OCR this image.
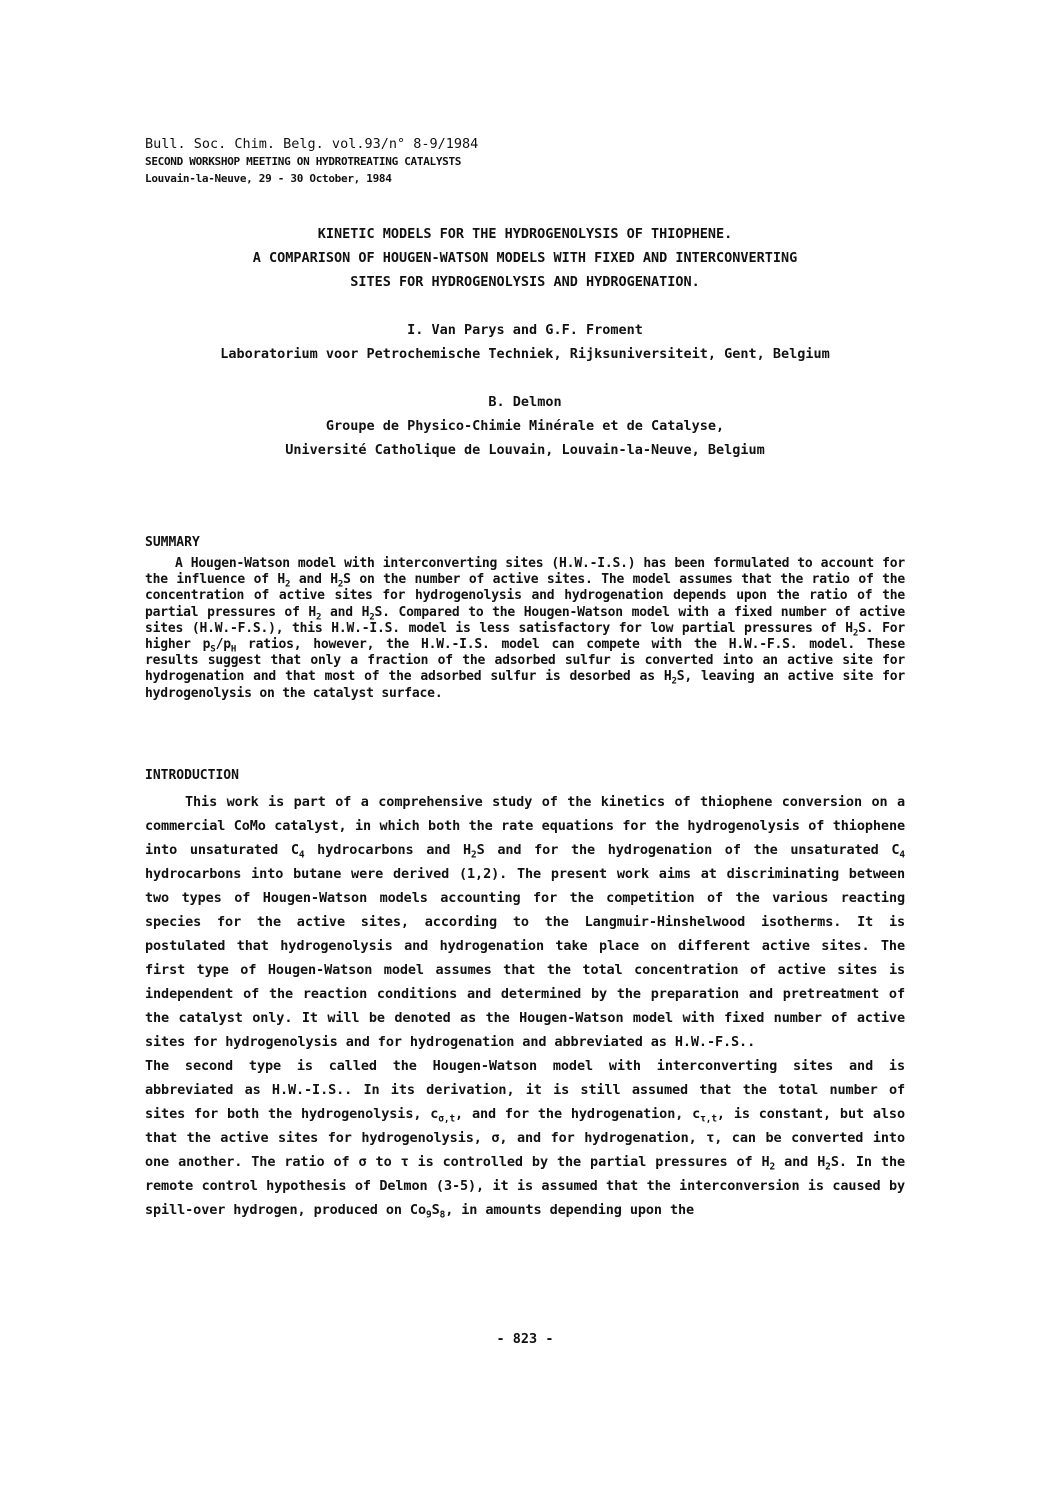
Bull. Soc. Chim. Belg. vol.93/n° 8-9/1984
SECOND WORKSHOP MEETING ON HYDROTREATING CATALYSTS
Louvain-la-Neuve, 29 - 30 October, 1984
KINETIC MODELS FOR THE HYDROGENOLYSIS OF THIOPHENE.
A COMPARISON OF HOUGEN-WATSON MODELS WITH FIXED AND INTERCONVERTING
SITES FOR HYDROGENOLYSIS AND HYDROGENATION.
I. Van Parys and G.F. Froment
Laboratorium voor Petrochemische Techniek, Rijksuniversiteit, Gent, Belgium
B. Delmon
Groupe de Physico-Chimie Minérale et de Catalyse,
Université Catholique de Louvain, Louvain-la-Neuve, Belgium
SUMMARY

A Hougen-Watson model with interconverting sites (H.W.-I.S.) has been formulated to account for the influence of $H_2$ and $H_2S$ on the number of active sites. The model assumes that the ratio of the concentration of active sites for hydrogenolysis and hydrogenation depends upon the ratio of the partial pressures of $H_2$ and $H_2S$. Compared to the Hougen-Watson model with a fixed number of active sites (H.W.-F.S.), this H.W.-I.S. model is less satisfactory for low partial pressures of $H_2S$. For higher $p_S/p_H$ ratios, however, the H.W.-I.S. model can compete with the H.W.-F.S. model. These results suggest that only a fraction of the adsorbed sulfur is converted into an active site for hydrogenation and that most of the adsorbed sulfur is desorbed as $H_2S$, leaving an active site for hydrogenolysis on the catalyst surface.

INTRODUCTION

This work is part of a comprehensive study of the kinetics of thiophene conversion on a commercial CoMo catalyst, in which both the rate equations for the hydrogenolysis of thiophene into unsaturated $C_4$ hydrocarbons and $H_2S$ and for the hydrogenation of the unsaturated $C_4$ hydrocarbons into butane were derived (1,2). The present work aims at discriminating between two types of Hougen-Watson models accounting for the competition of the various reacting species for the active sites, according to the Langmuir-Hinshelwood isotherms. It is postulated that hydrogenolysis and hydrogenation take place on different active sites. The first type of Hougen-Watson model assumes that the total concentration of active sites is independent of the reaction conditions and determined by the preparation and pretreatment of the catalyst only. It will be denoted as the Hougen-Watson model with fixed number of active sites for hydrogenolysis and for hydrogenation and abbreviated as H.W.-F.S..

The second type is called the Hougen-Watson model with interconverting sites and is abbreviated as H.W.-I.S.. In its derivation, it is still assumed that the total number of sites for both the hydrogenolysis, $c_{\sigma,t}$, and for the hydrogenation, $c_{\tau,t}$, is constant, but also that the active sites for hydrogenolysis, σ, and for hydrogenation, τ, can be converted into one another. The ratio of σ to τ is controlled by the partial pressures of $H_2$ and $H_2S$. In the remote control hypothesis of Delmon (3-5), it is assumed that the interconversion is caused by spill-over hydrogen, produced on $Co_9S_8$, in amounts depending upon the

- 823 -
